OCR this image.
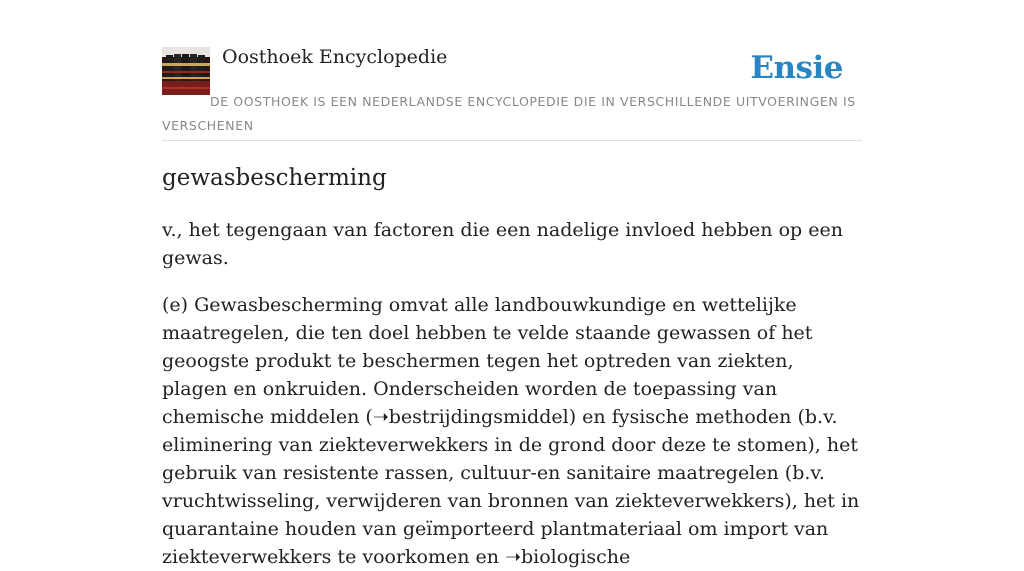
Oosthoek Encyclopedie	Ensie

DE OOSTHOEK IS EEN NEDERLANDSE ENCYCLOPEDIE DIE IN VERSCHILLENDE UITVOERINGEN IS VERSCHENEN

gewasbescherming

v., het tegengaan van factoren die een nadelige invloed hebben op een gewas.

(e) Gewasbescherming omvat alle landbouwkundige en wettelijke maatregelen, die ten doel hebben te velde staande gewassen of het geoogste produkt te beschermen tegen het optreden van ziekten, plagen en onkruiden. Onderscheiden worden de toepassing van chemische middelen (➝bestrijdingsmiddel) en fysische methoden (b.v. eliminering van ziekteverwekkers in de grond door deze te stomen), het gebruik van resistente rassen, cultuur-en sanitaire maatregelen (b.v. vruchtwisseling, verwijderen van bronnen van ziekteverwekkers), het in quarantaine houden van geïmporteerd plantmateriaal om import van ziekteverwekkers te voorkomen en ➝biologische
